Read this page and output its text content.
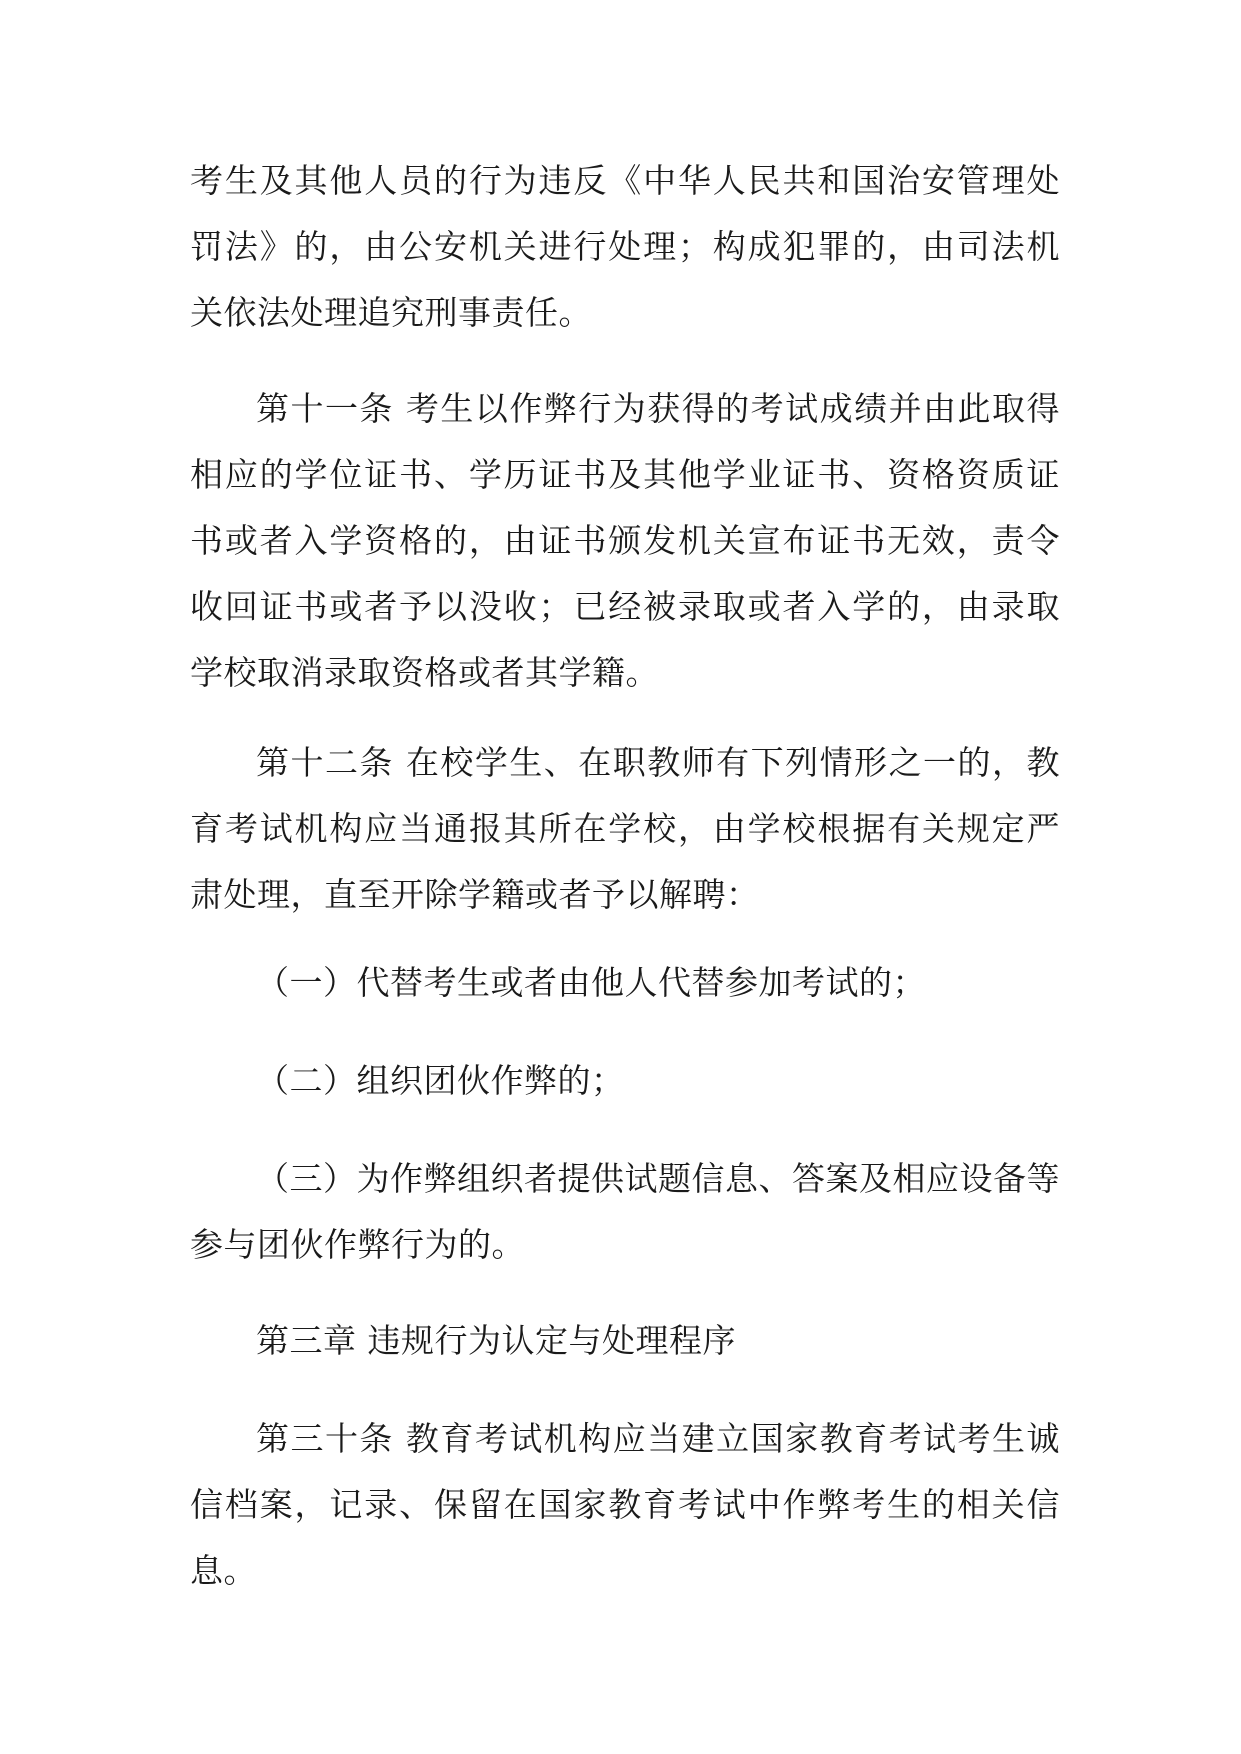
考生及其他人员的行为违反《中华人民共和国治安管理处罚法》的，由公安机关进行处理；构成犯罪的，由司法机关依法处理追究刑事责任。

第十一条 考生以作弊行为获得的考试成绩并由此取得相应的学位证书、学历证书及其他学业证书、资格资质证书或者入学资格的，由证书颁发机关宣布证书无效，责令收回证书或者予以没收；已经被录取或者入学的，由录取学校取消录取资格或者其学籍。

第十二条 在校学生、在职教师有下列情形之一的，教育考试机构应当通报其所在学校，由学校根据有关规定严肃处理，直至开除学籍或者予以解聘：

（一）代替考生或者由他人代替参加考试的；

（二）组织团伙作弊的；

（三）为作弊组织者提供试题信息、答案及相应设备等参与团伙作弊行为的。

第三章 违规行为认定与处理程序

第三十条 教育考试机构应当建立国家教育考试考生诚信档案，记录、保留在国家教育考试中作弊考生的相关信息。
